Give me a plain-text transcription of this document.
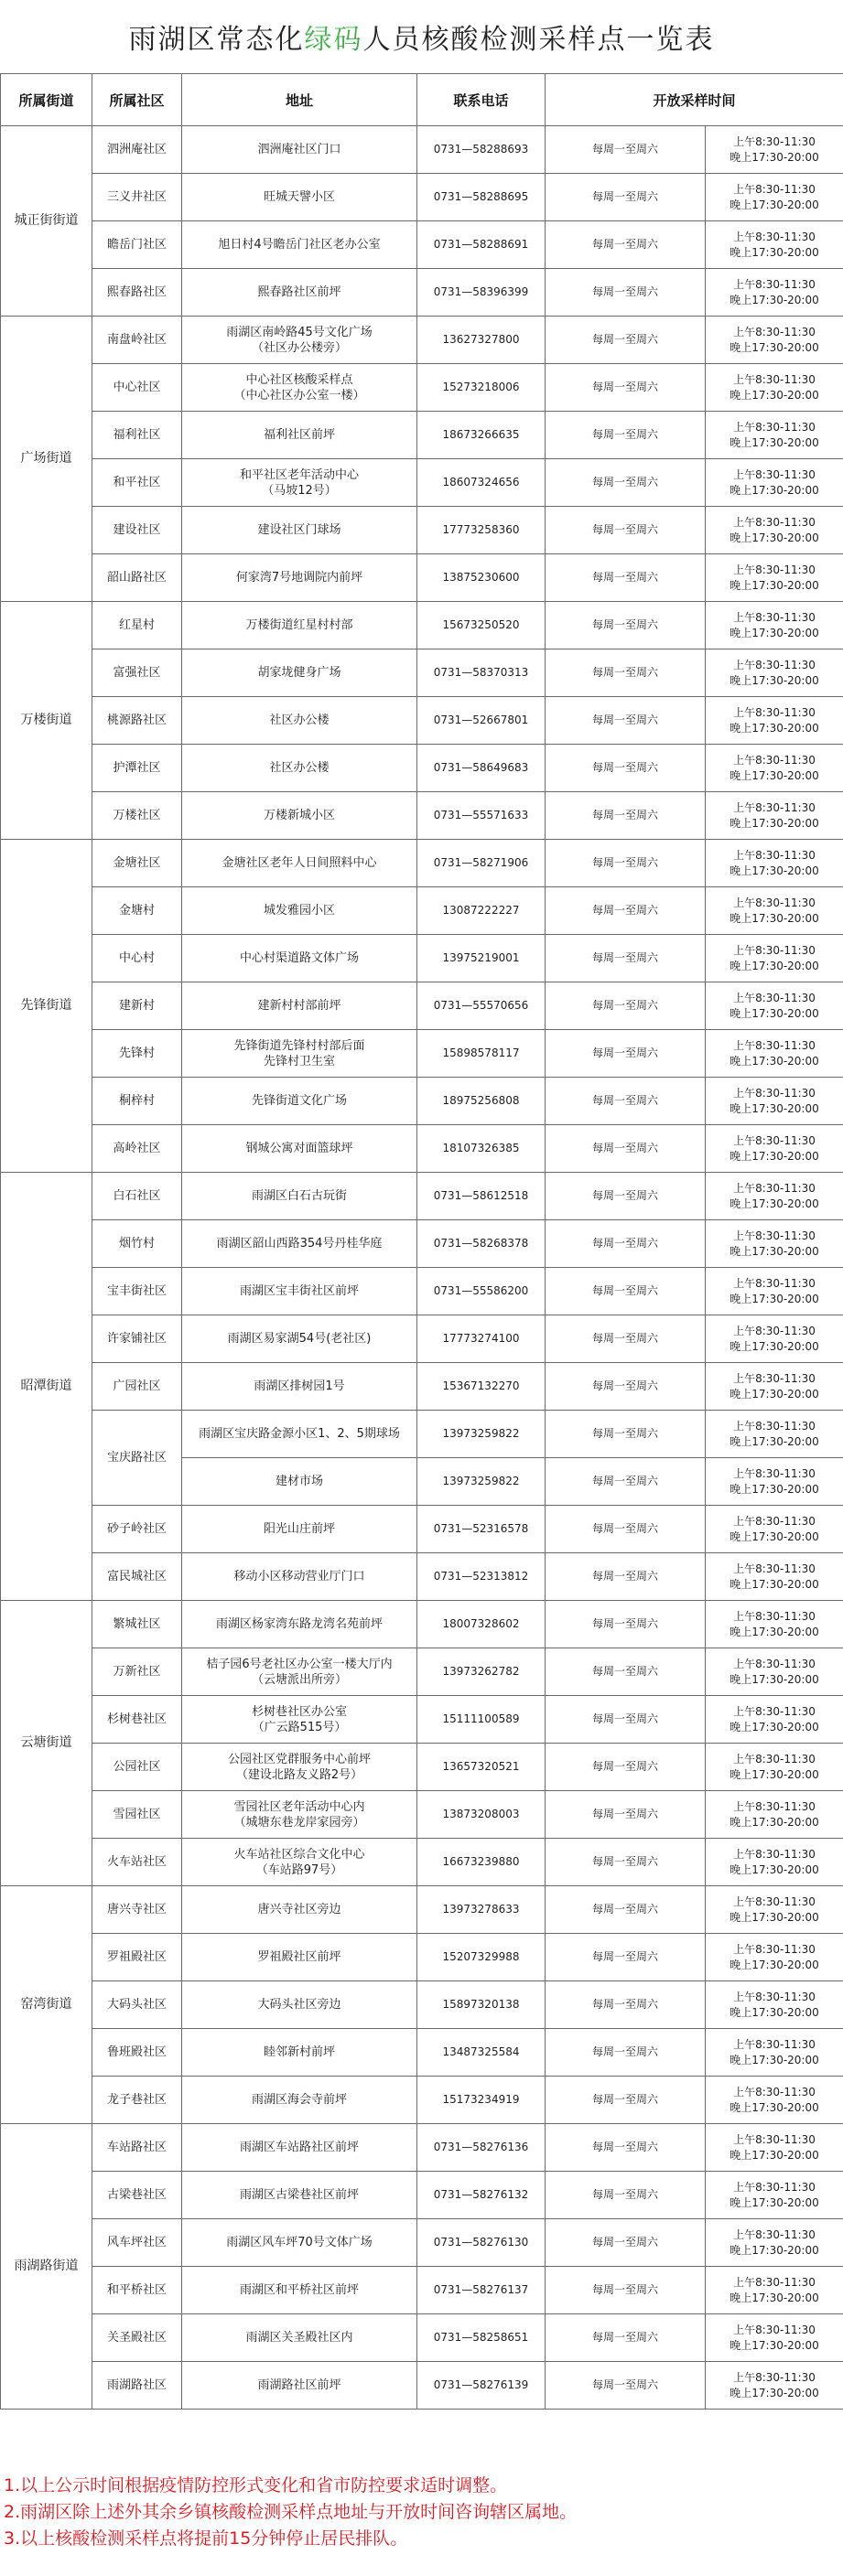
雨湖区常态化 绿码 人员核酸检测采样点一览表
所属街道	所属社区	地址	联系电话	开放采样时间	
城正街街道	泗洲庵社区	泗洲庵社区门口	0731—58288693	每周一至周六	上午8:30-11:30
晚上17:30-20:00
	三义井社区	旺城天譬小区	0731—58288695	每周一至周六	上午8:30-11:30
晚上17:30-20:00
	瞻岳门社区	旭日村4号瞻岳门社区老办公室	0731—58288691	每周一至周六	上午8:30-11:30
晚上17:30-20:00
	熙春路社区	熙春路社区前坪	0731—58396399	每周一至周六	上午8:30-11:30
晚上17:30-20:00
广场街道	南盘岭社区	雨湖区南岭路45号文化广场
（社区办公楼旁）	13627327800	每周一至周六	上午8:30-11:30
晚上17:30-20:00
	中心社区	中心社区核酸采样点
（中心社区办公室一楼）	15273218006	每周一至周六	上午8:30-11:30
晚上17:30-20:00
	福利社区	福利社区前坪	18673266635	每周一至周六	上午8:30-11:30
晚上17:30-20:00
	和平社区	和平社区老年活动中心
（马坡12号）	18607324656	每周一至周六	上午8:30-11:30
晚上17:30-20:00
	建设社区	建设社区门球场	17773258360	每周一至周六	上午8:30-11:30
晚上17:30-20:00
	韶山路社区	何家湾7号地调院内前坪	13875230600	每周一至周六	上午8:30-11:30
晚上17:30-20:00
万楼街道	红星村	万楼街道红星村村部	15673250520	每周一至周六	上午8:30-11:30
晚上17:30-20:00
	富强社区	胡家垅健身广场	0731—58370313	每周一至周六	上午8:30-11:30
晚上17:30-20:00
	桃源路社区	社区办公楼	0731—52667801	每周一至周六	上午8:30-11:30
晚上17:30-20:00
	护潭社区	社区办公楼	0731—58649683	每周一至周六	上午8:30-11:30
晚上17:30-20:00
	万楼社区	万楼新城小区	0731—55571633	每周一至周六	上午8:30-11:30
晚上17:30-20:00
先锋街道	金塘社区	金塘社区老年人日间照料中心	0731—58271906	每周一至周六	上午8:30-11:30
晚上17:30-20:00
	金塘村	城发雅园小区	13087222227	每周一至周六	上午8:30-11:30
晚上17:30-20:00
	中心村	中心村渠道路文体广场	13975219001	每周一至周六	上午8:30-11:30
晚上17:30-20:00
	建新村	建新村村部前坪	0731—55570656	每周一至周六	上午8:30-11:30
晚上17:30-20:00
	先锋村	先锋街道先锋村村部后面
先锋村卫生室	15898578117	每周一至周六	上午8:30-11:30
晚上17:30-20:00
	桐梓村	先锋街道文化广场	18975256808	每周一至周六	上午8:30-11:30
晚上17:30-20:00
	高岭社区	钢城公寓对面篮球坪	18107326385	每周一至周六	上午8:30-11:30
晚上17:30-20:00
昭潭街道	白石社区	雨湖区白石古玩街	0731—58612518	每周一至周六	上午8:30-11:30
晚上17:30-20:00
	烟竹村	雨湖区韶山西路354号丹桂华庭	0731—58268378	每周一至周六	上午8:30-11:30
晚上17:30-20:00
	宝丰街社区	雨湖区宝丰街社区前坪	0731—55586200	每周一至周六	上午8:30-11:30
晚上17:30-20:00
	许家铺社区	雨湖区易家湖54号(老社区)	17773274100	每周一至周六	上午8:30-11:30
晚上17:30-20:00
	广园社区	雨湖区排树园1号	15367132270	每周一至周六	上午8:30-11:30
晚上17:30-20:00
	宝庆路社区	雨湖区宝庆路金源小区1、2、5期球场	13973259822	每周一至周六	上午8:30-11:30
晚上17:30-20:00
		建材市场	13973259822	每周一至周六	上午8:30-11:30
晚上17:30-20:00
	砂子岭社区	阳光山庄前坪	0731—52316578	每周一至周六	上午8:30-11:30
晚上17:30-20:00
	富民城社区	移动小区移动营业厅门口	0731—52313812	每周一至周六	上午8:30-11:30
晚上17:30-20:00
云塘街道	繁城社区	雨湖区杨家湾东路龙湾名苑前坪	18007328602	每周一至周六	上午8:30-11:30
晚上17:30-20:00
	万新社区	桔子园6号老社区办公室一楼大厅内
（云塘派出所旁）	13973262782	每周一至周六	上午8:30-11:30
晚上17:30-20:00
	杉树巷社区	杉树巷社区办公室
（广云路515号）	15111100589	每周一至周六	上午8:30-11:30
晚上17:30-20:00
	公园社区	公园社区党群服务中心前坪
（建设北路友义路2号）	13657320521	每周一至周六	上午8:30-11:30
晚上17:30-20:00
	雪园社区	雪园社区老年活动中心内
（城塘东巷龙岸家园旁）	13873208003	每周一至周六	上午8:30-11:30
晚上17:30-20:00
	火车站社区	火车站社区综合文化中心
（车站路97号）	16673239880	每周一至周六	上午8:30-11:30
晚上17:30-20:00
窑湾街道	唐兴寺社区	唐兴寺社区旁边	13973278633	每周一至周六	上午8:30-11:30
晚上17:30-20:00
	罗祖殿社区	罗祖殿社区前坪	15207329988	每周一至周六	上午8:30-11:30
晚上17:30-20:00
	大码头社区	大码头社区旁边	15897320138	每周一至周六	上午8:30-11:30
晚上17:30-20:00
	鲁班殿社区	睦邻新村前坪	13487325584	每周一至周六	上午8:30-11:30
晚上17:30-20:00
	龙子巷社区	雨湖区海会寺前坪	15173234919	每周一至周六	上午8:30-11:30
晚上17:30-20:00
雨湖路街道	车站路社区	雨湖区车站路社区前坪	0731—58276136	每周一至周六	上午8:30-11:30
晚上17:30-20:00
	古梁巷社区	雨湖区古梁巷社区前坪	0731—58276132	每周一至周六	上午8:30-11:30
晚上17:30-20:00
	风车坪社区	雨湖区风车坪70号文体广场	0731—58276130	每周一至周六	上午8:30-11:30
晚上17:30-20:00
	和平桥社区	雨湖区和平桥社区前坪	0731—58276137	每周一至周六	上午8:30-11:30
晚上17:30-20:00
	关圣殿社区	雨湖区关圣殿社区内	0731—58258651	每周一至周六	上午8:30-11:30
晚上17:30-20:00
	雨湖路社区	雨湖路社区前坪	0731—58276139	每周一至周六	上午8:30-11:30
晚上17:30-20:00
1.以上公示时间根据疫情防控形式变化和省市防控要求适时调整。
2.雨湖区除上述外其余乡镇核酸检测采样点地址与开放时间咨询辖区属地。
3.以上核酸检测采样点将提前15分钟停止居民排队。
